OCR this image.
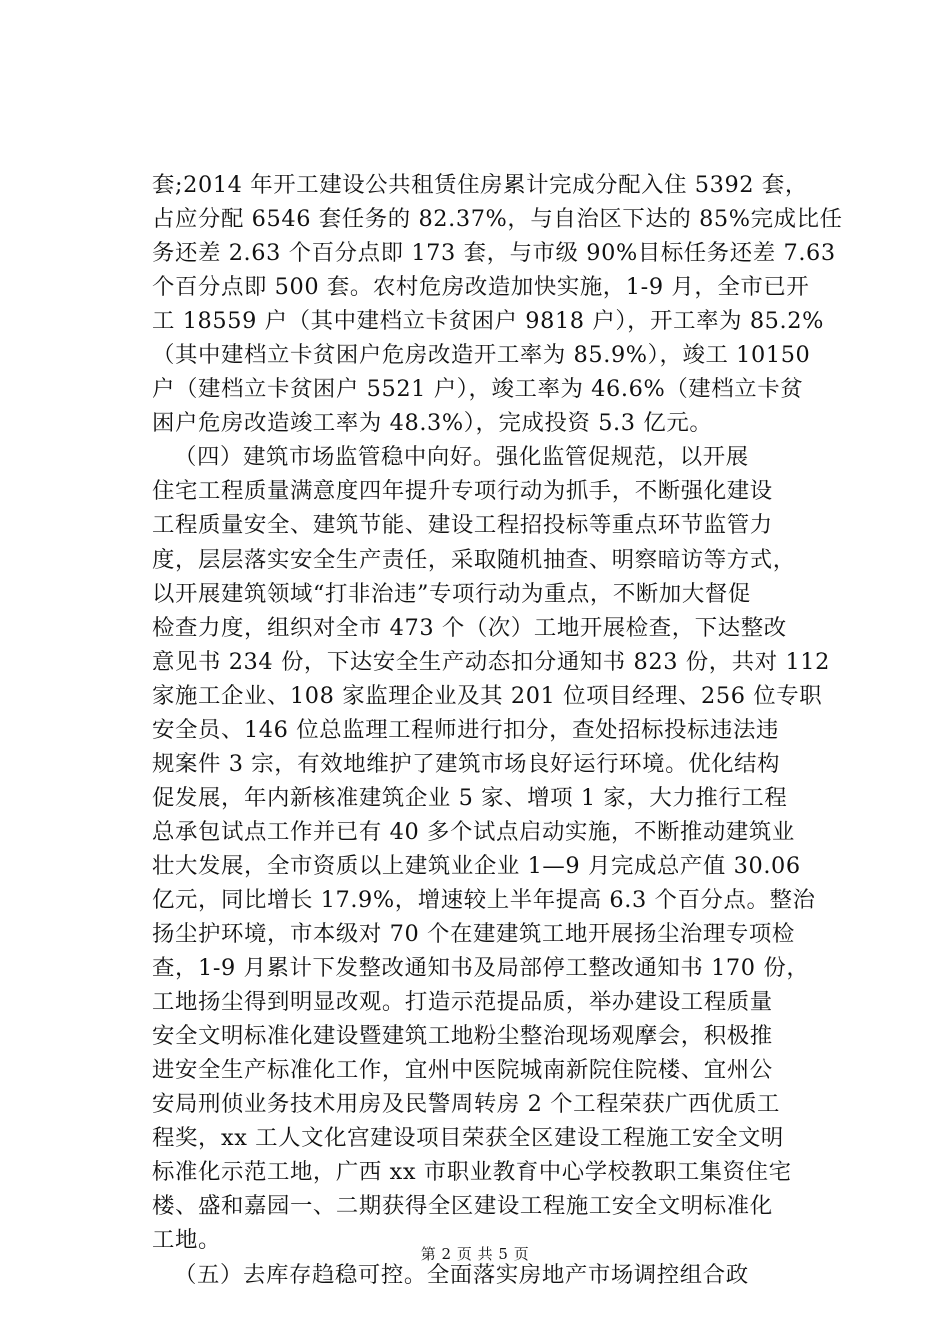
套;2014 年开工建设公共租赁住房累计完成分配入住 5392 套，
占应分配 6546 套任务的 82.37%，与自治区下达的 85%完成比任
务还差 2.63 个百分点即 173 套，与市级 90%目标任务还差 7.63
个百分点即 500 套。农村危房改造加快实施，1-9 月，全市已开
工 18559 户（其中建档立卡贫困户 9818 户），开工率为 85.2%
（其中建档立卡贫困户危房改造开工率为 85.9%），竣工 10150
户（建档立卡贫困户 5521 户），竣工率为 46.6%（建档立卡贫
困户危房改造竣工率为 48.3%），完成投资 5.3 亿元。
（四）建筑市场监管稳中向好。强化监管促规范，以开展
住宅工程质量满意度四年提升专项行动为抓手，不断强化建设
工程质量安全、建筑节能、建设工程招投标等重点环节监管力
度，层层落实安全生产责任，采取随机抽查、明察暗访等方式，
以开展建筑领域“打非治违”专项行动为重点，不断加大督促
检查力度，组织对全市 473 个（次）工地开展检查，下达整改
意见书 234 份，下达安全生产动态扣分通知书 823 份，共对 112
家施工企业、108 家监理企业及其 201 位项目经理、256 位专职
安全员、146 位总监理工程师进行扣分，查处招标投标违法违
规案件 3 宗，有效地维护了建筑市场良好运行环境。优化结构
促发展，年内新核准建筑企业 5 家、增项 1 家，大力推行工程
总承包试点工作并已有 40 多个试点启动实施，不断推动建筑业
壮大发展，全市资质以上建筑业企业 1—9 月完成总产值 30.06
亿元，同比增长 17.9%，增速较上半年提高 6.3 个百分点。整治
扬尘护环境，市本级对 70 个在建建筑工地开展扬尘治理专项检
查，1-9 月累计下发整改通知书及局部停工整改通知书 170 份，
工地扬尘得到明显改观。打造示范提品质，举办建设工程质量
安全文明标准化建设暨建筑工地粉尘整治现场观摩会，积极推
进安全生产标准化工作，宜州中医院城南新院住院楼、宜州公
安局刑侦业务技术用房及民警周转房 2 个工程荣获广西优质工
程奖，xx 工人文化宫建设项目荣获全区建设工程施工安全文明
标准化示范工地，广西 xx 市职业教育中心学校教职工集资住宅
楼、盛和嘉园一、二期获得全区建设工程施工安全文明标准化
工地。
（五）去库存趋稳可控。全面落实房地产市场调控组合政
第 2 页 共 5 页
